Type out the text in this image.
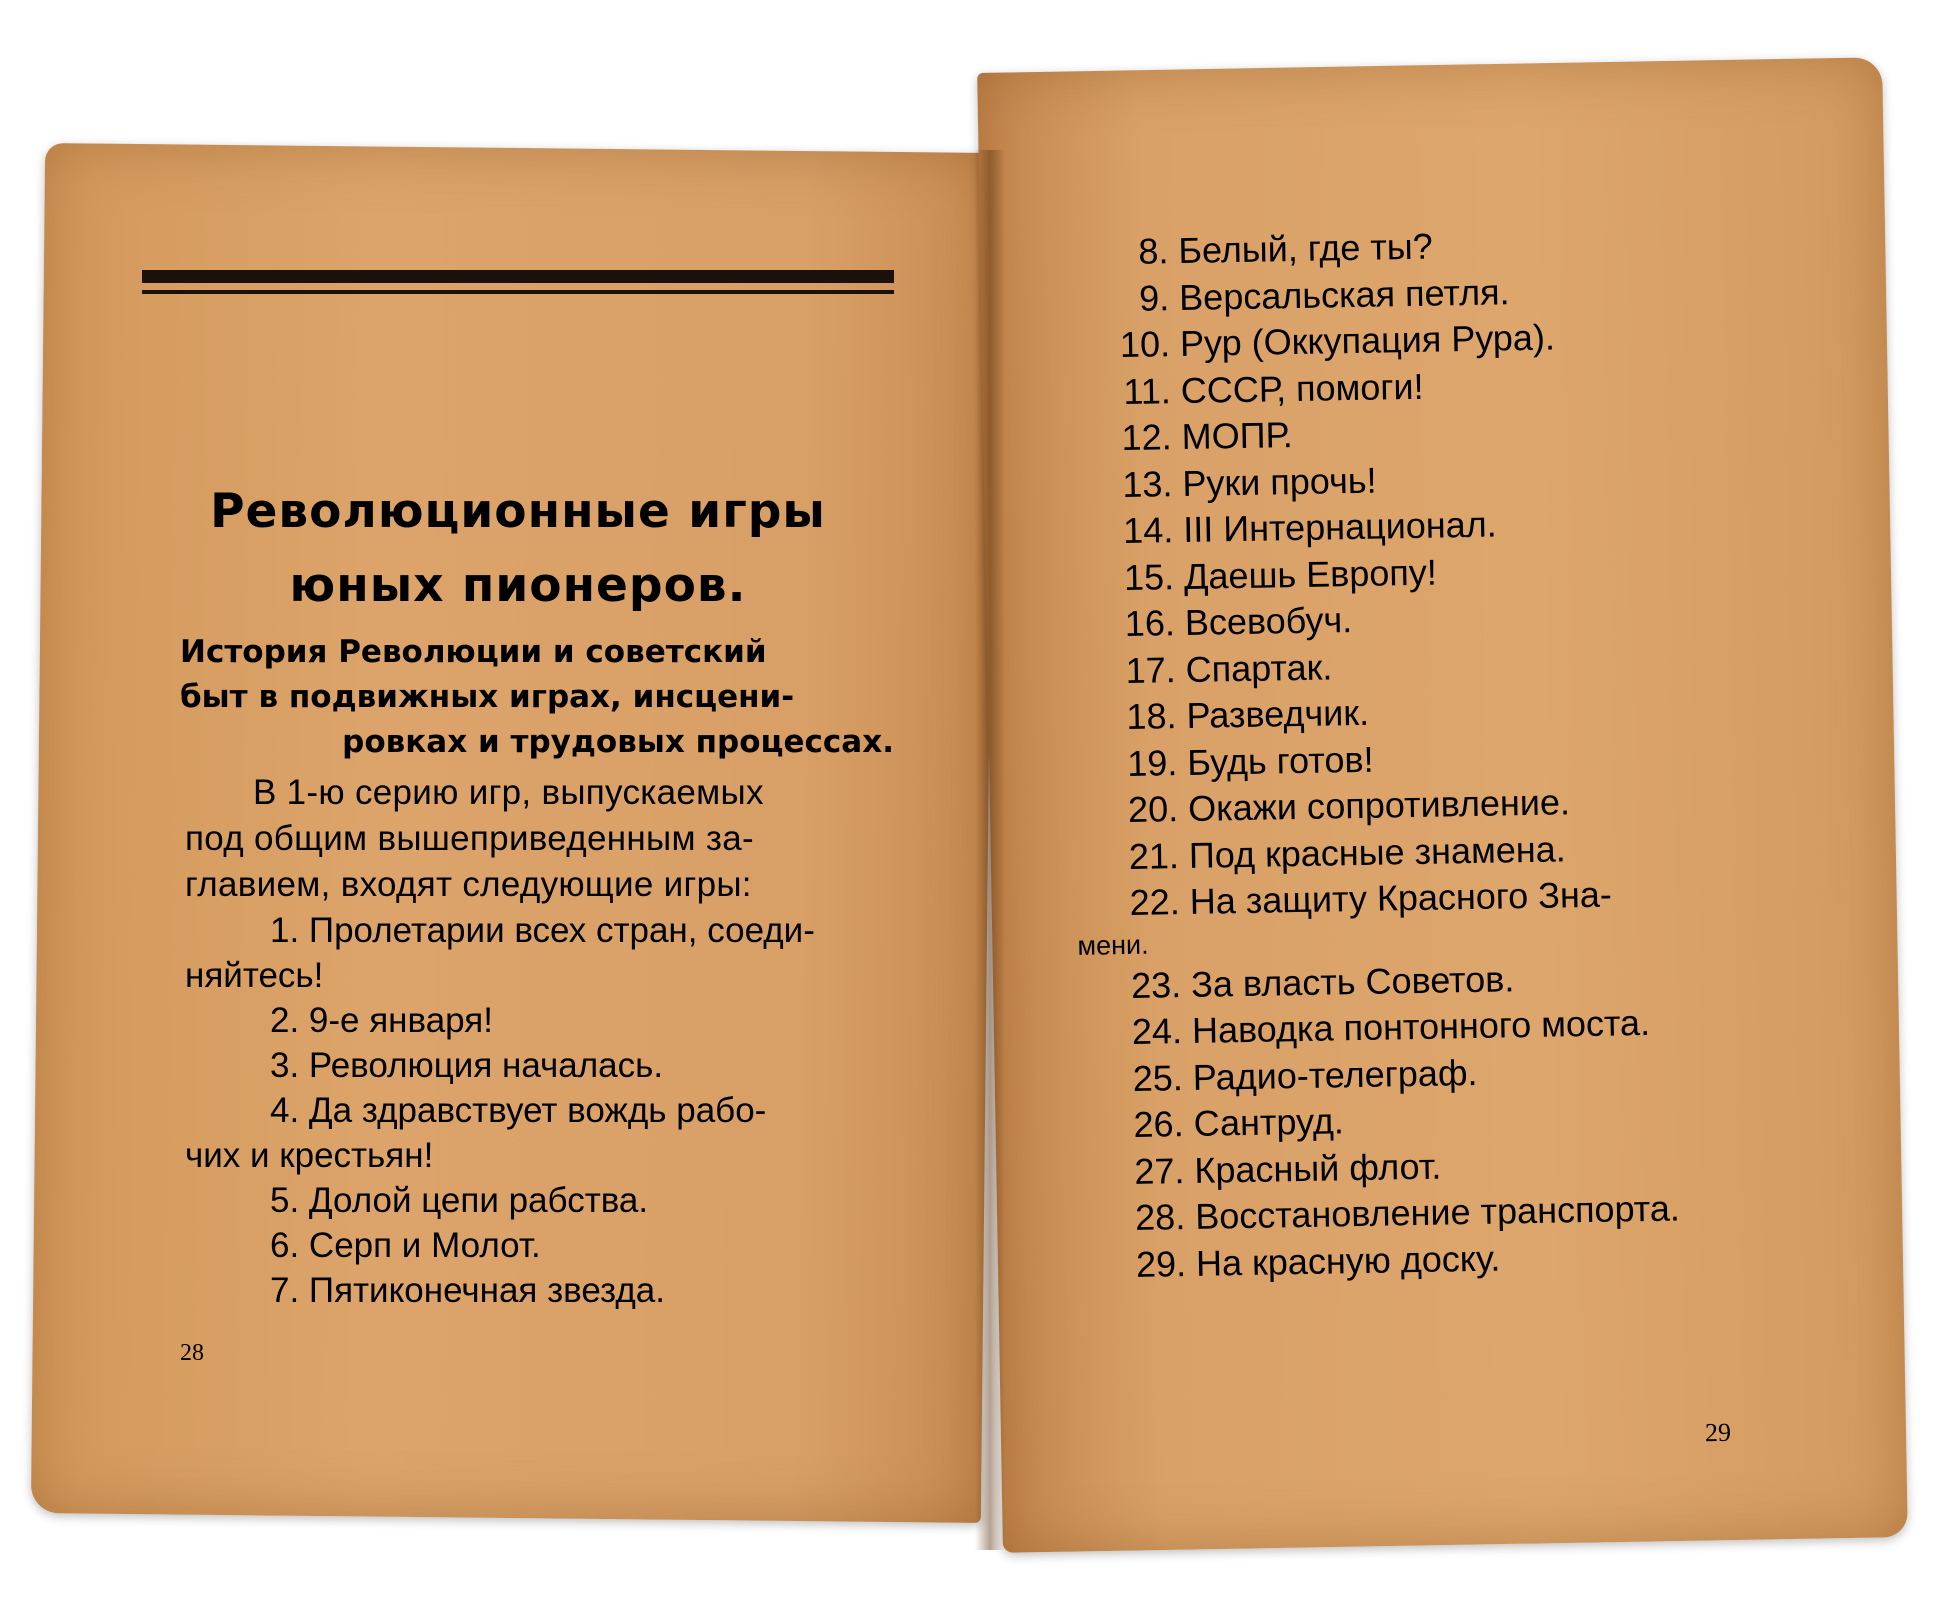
Революционные игры
юных пионеров.
История Революции и советский
быт в подвижных играх, инсцени-
ровках и трудовых процессах.
В 1-ю серию игр, выпускаемых
под общим вышеприведенным за-
главием, входят следующие игры:
1. Пролетарии всех стран, соеди-
няйтесь!
2. 9-е января!
3. Революция началась.
4. Да здравствует вождь рабо-
чих и крестьян!
5. Долой цепи рабства.
6. Серп и Молот.
7. Пятиконечная звезда.
28
8. Белый, где ты?
9. Версальская петля.
10. Рур (Оккупация Рура).
11. СССР, помоги!
12. МОПР.
13. Руки прочь!
14. III Интернационал.
15. Даешь Европу!
16. Всевобуч.
17. Спартак.
18. Разведчик.
19. Будь готов!
20. Окажи сопротивление.
21. Под красные знамена.
22. На защиту Красного Зна-
мени.
23. За власть Советов.
24. Наводка понтонного моста.
25. Радио-телеграф.
26. Сантруд.
27. Красный флот.
28. Восстановление транспорта.
29. На красную доску.
29
